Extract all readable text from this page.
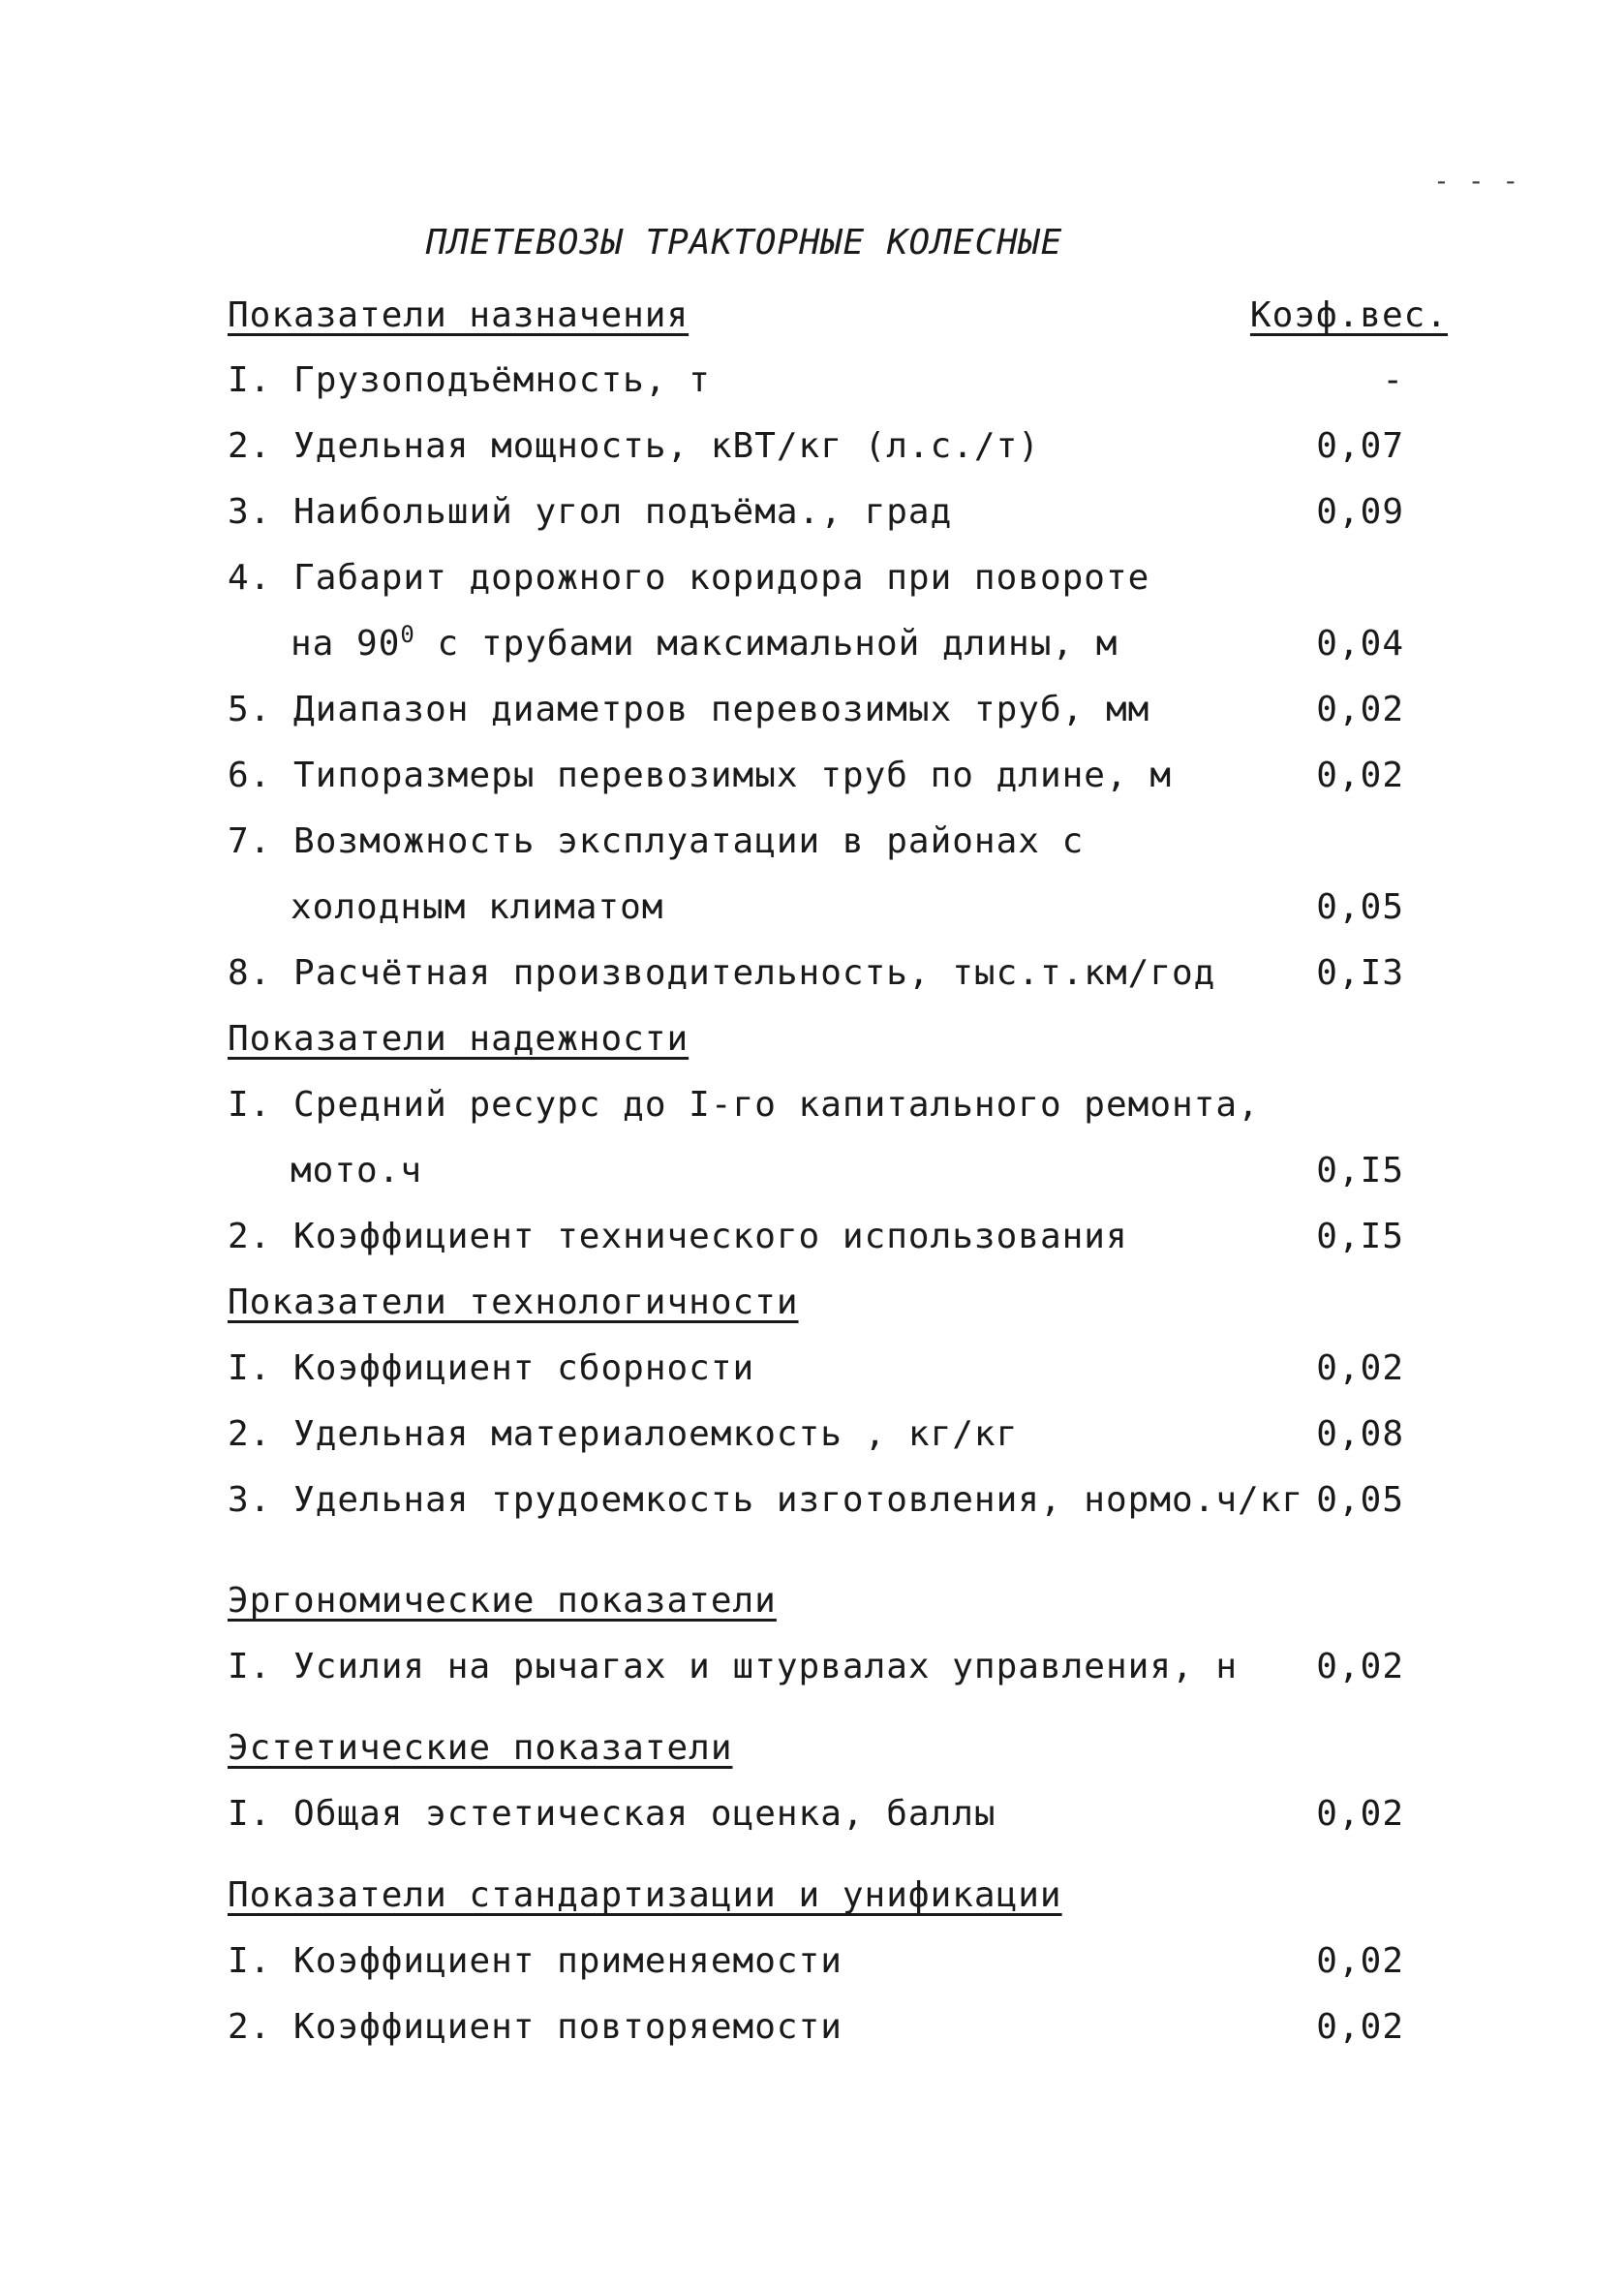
- - -
ПЛЕТЕВОЗЫ ТРАКТОРНЫЕ КОЛЕСНЫЕ
Показатели назначения	Коэф.вес.
I. Грузоподъёмность, т	-
2. Удельная мощность, кВТ/кг (л.с./т)	0,07
3. Наибольший угол подъёма., град	0,09
4. Габарит дорожного коридора при повороте
на $90^0$ с трубами максимальной длины, м	0,04
5. Диапазон диаметров перевозимых труб, мм	0,02
6. Типоразмеры перевозимых труб по длине, м	0,02
7. Возможность эксплуатации в районах с
холодным климатом	0,05
8. Расчётная производительность, тыс.т.км/год	0,I3
Показатели надежности
I. Средний ресурс до I-го капитального ремонта,
мото.ч	0,I5
2. Коэффициент технического использования	0,I5
Показатели технологичности
I. Коэффициент сборности	0,02
2. Удельная материалоемкость , кг/кг	0,08
3. Удельная трудоемкость изготовления, нормо.ч/кг 0,05
Эргономические показатели
I. Усилия на рычагах и штурвалах управления, н 0,02
Эстетические показатели
I. Общая эстетическая оценка, баллы	0,02
Показатели стандартизации и унификации
I. Коэффициент применяемости	0,02
2. Коэффициент повторяемости	0,02
